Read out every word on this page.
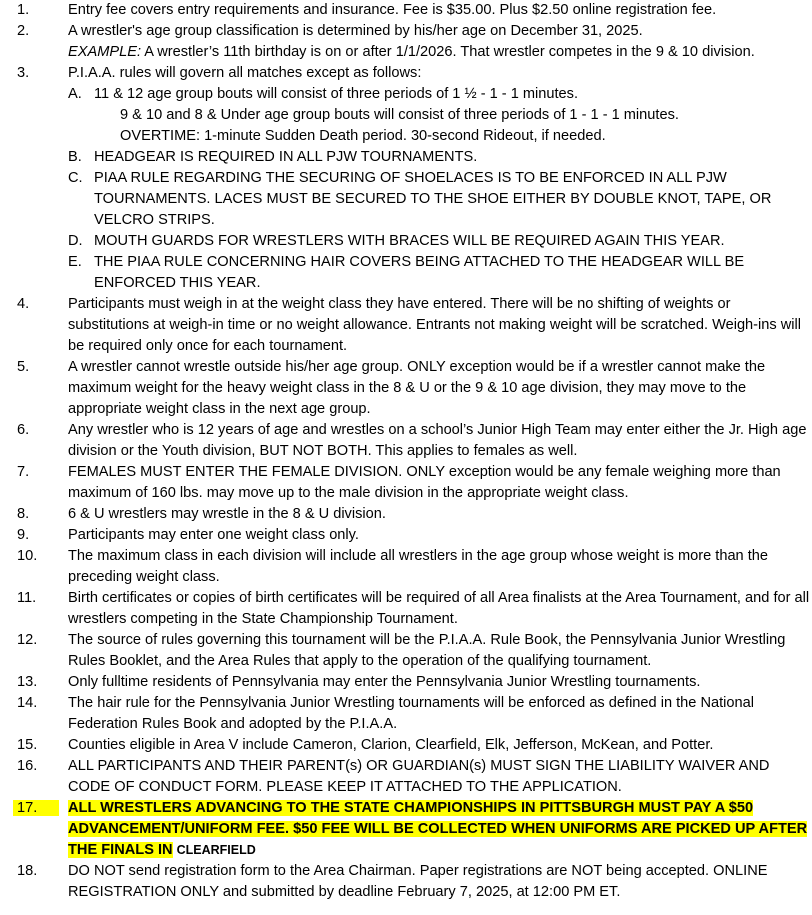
1.	Entry fee covers entry requirements and insurance. Fee is $35.00. Plus $2.50 online registration fee.
2.	A wrestler's age group classification is determined by his/her age on December 31, 2025.
EXAMPLE: A wrestler’s 11th birthday is on or after 1/1/2026. That wrestler competes in the 9 & 10 division.
3.	P.I.A.A. rules will govern all matches except as follows:
A. 11 & 12 age group bouts will consist of three periods of 1 ½ - 1 - 1 minutes.
9 & 10 and 8 & Under age group bouts will consist of three periods of 1 - 1 - 1 minutes.
OVERTIME: 1-minute Sudden Death period. 30-second Rideout, if needed.
B. HEADGEAR IS REQUIRED IN ALL PJW TOURNAMENTS.
C. PIAA RULE REGARDING THE SECURING OF SHOELACES IS TO BE ENFORCED IN ALL PJW TOURNAMENTS. LACES MUST BE SECURED TO THE SHOE EITHER BY DOUBLE KNOT, TAPE, OR VELCRO STRIPS.
D. MOUTH GUARDS FOR WRESTLERS WITH BRACES WILL BE REQUIRED AGAIN THIS YEAR.
E. THE PIAA RULE CONCERNING HAIR COVERS BEING ATTACHED TO THE HEADGEAR WILL BE ENFORCED THIS YEAR.
4.	Participants must weigh in at the weight class they have entered. There will be no shifting of weights or substitutions at weigh-in time or no weight allowance. Entrants not making weight will be scratched. Weigh-ins will be required only once for each tournament.
5.	A wrestler cannot wrestle outside his/her age group. ONLY exception would be if a wrestler cannot make the maximum weight for the heavy weight class in the 8 & U or the 9 & 10 age division, they may move to the appropriate weight class in the next age group.
6.	Any wrestler who is 12 years of age and wrestles on a school’s Junior High Team may enter either the Jr. High age division or the Youth division, BUT NOT BOTH. This applies to females as well.
7.	FEMALES MUST ENTER THE FEMALE DIVISION. ONLY exception would be any female weighing more than maximum of 160 lbs. may move up to the male division in the appropriate weight class.
8.	6 & U wrestlers may wrestle in the 8 & U division.
9.	Participants may enter one weight class only.
10.	The maximum class in each division will include all wrestlers in the age group whose weight is more than the preceding weight class.
11.	Birth certificates or copies of birth certificates will be required of all Area finalists at the Area Tournament, and for all wrestlers competing in the State Championship Tournament.
12.	The source of rules governing this tournament will be the P.I.A.A. Rule Book, the Pennsylvania Junior Wrestling Rules Booklet, and the Area Rules that apply to the operation of the qualifying tournament.
13.	Only fulltime residents of Pennsylvania may enter the Pennsylvania Junior Wrestling tournaments.
14.	The hair rule for the Pennsylvania Junior Wrestling tournaments will be enforced as defined in the National Federation Rules Book and adopted by the P.I.A.A.
15.	Counties eligible in Area V include Cameron, Clarion, Clearfield, Elk, Jefferson, McKean, and Potter.
16.	ALL PARTICIPANTS AND THEIR PARENT(s) OR GUARDIAN(s) MUST SIGN THE LIABILITY WAIVER AND CODE OF CONDUCT FORM. PLEASE KEEP IT ATTACHED TO THE APPLICATION.
17.	ALL WRESTLERS ADVANCING TO THE STATE CHAMPIONSHIPS IN PITTSBURGH MUST PAY A $50 ADVANCEMENT/UNIFORM FEE. $50 FEE WILL BE COLLECTED WHEN UNIFORMS ARE PICKED UP AFTER THE FINALS IN CLEARFIELD
18.	DO NOT send registration form to the Area Chairman. Paper registrations are NOT being accepted. ONLINE REGISTRATION ONLY and submitted by deadline February 7, 2025, at 12:00 PM ET.
